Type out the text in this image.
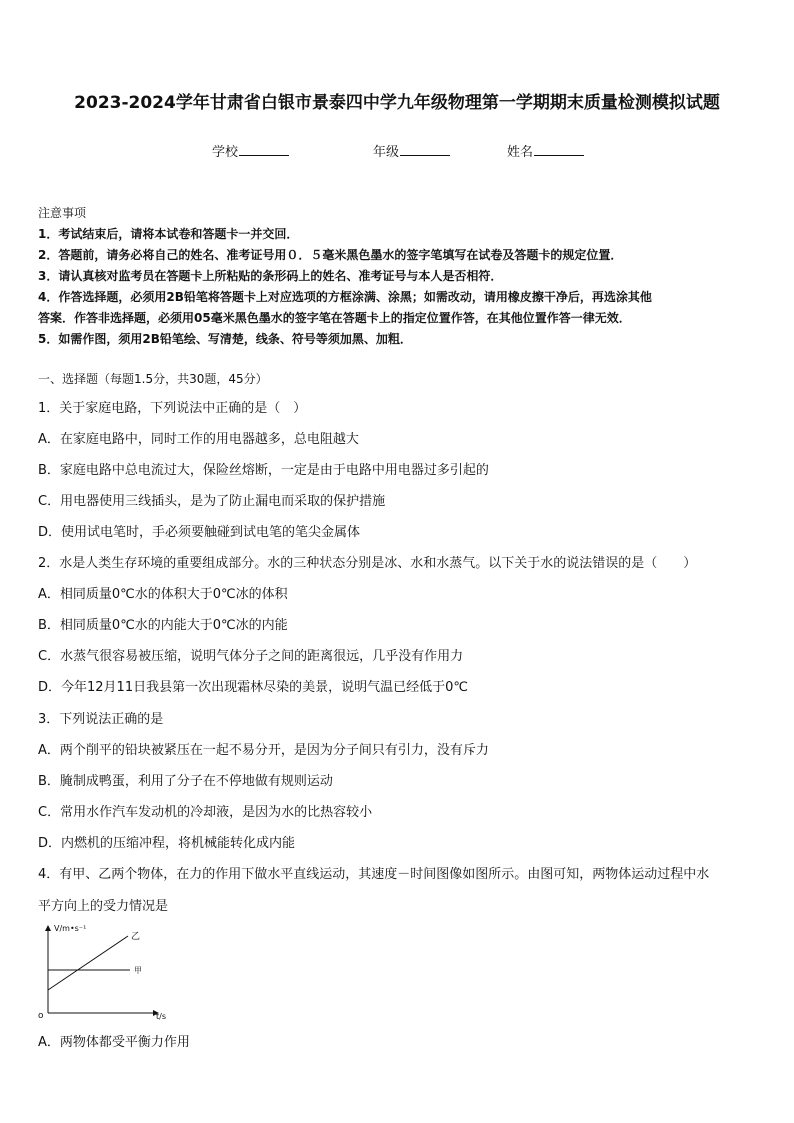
2023-2024学年甘肃省白银市景泰四中学九年级物理第一学期期末质量检测模拟试题
学校	年级	姓名
注意事项
1．考试结束后，请将本试卷和答题卡一并交回．
2．答题前，请务必将自己的姓名、准考证号用０．５毫米黑色墨水的签字笔填写在试卷及答题卡的规定位置．
3．请认真核对监考员在答题卡上所粘贴的条形码上的姓名、准考证号与本人是否相符．
4．作答选择题，必须用2B铅笔将答题卡上对应选项的方框涂满、涂黑；如需改动，请用橡皮擦干净后，再选涂其他
答案．作答非选择题，必须用05毫米黑色墨水的签字笔在答题卡上的指定位置作答，在其他位置作答一律无效．
5．如需作图，须用2B铅笔绘、写清楚，线条、符号等须加黑、加粗．
一、选择题（每题1.5分，共30题，45分）
1．关于家庭电路，下列说法中正确的是（　）
A．在家庭电路中，同时工作的用电器越多，总电阻越大
B．家庭电路中总电流过大，保险丝熔断，一定是由于电路中用电器过多引起的
C．用电器使用三线插头，是为了防止漏电而采取的保护措施
D．使用试电笔时，手必须要触碰到试电笔的笔尖金属体
2．水是人类生存环境的重要组成部分。水的三种状态分别是冰、水和水蒸气。以下关于水的说法错误的是（　　）
A．相同质量0℃水的体积大于0℃冰的体积
B．相同质量0℃水的内能大于0℃冰的内能
C．水蒸气很容易被压缩，说明气体分子之间的距离很远，几乎没有作用力
D．今年12月11日我县第一次出现霜林尽染的美景，说明气温已经低于0℃
3．下列说法正确的是
A．两个削平的铅块被紧压在一起不易分开，是因为分子间只有引力，没有斥力
B．腌制成鸭蛋，利用了分子在不停地做有规则运动
C．常用水作汽车发动机的冷却液，是因为水的比热容较小
D．内燃机的压缩冲程，将机械能转化成内能
4．有甲、乙两个物体，在力的作用下做水平直线运动，其速度－时间图像如图所示。由图可知，两物体运动过程中水
平方向上的受力情况是
V/m•s⁻¹
t/s
o
乙
甲
A．两物体都受平衡力作用
